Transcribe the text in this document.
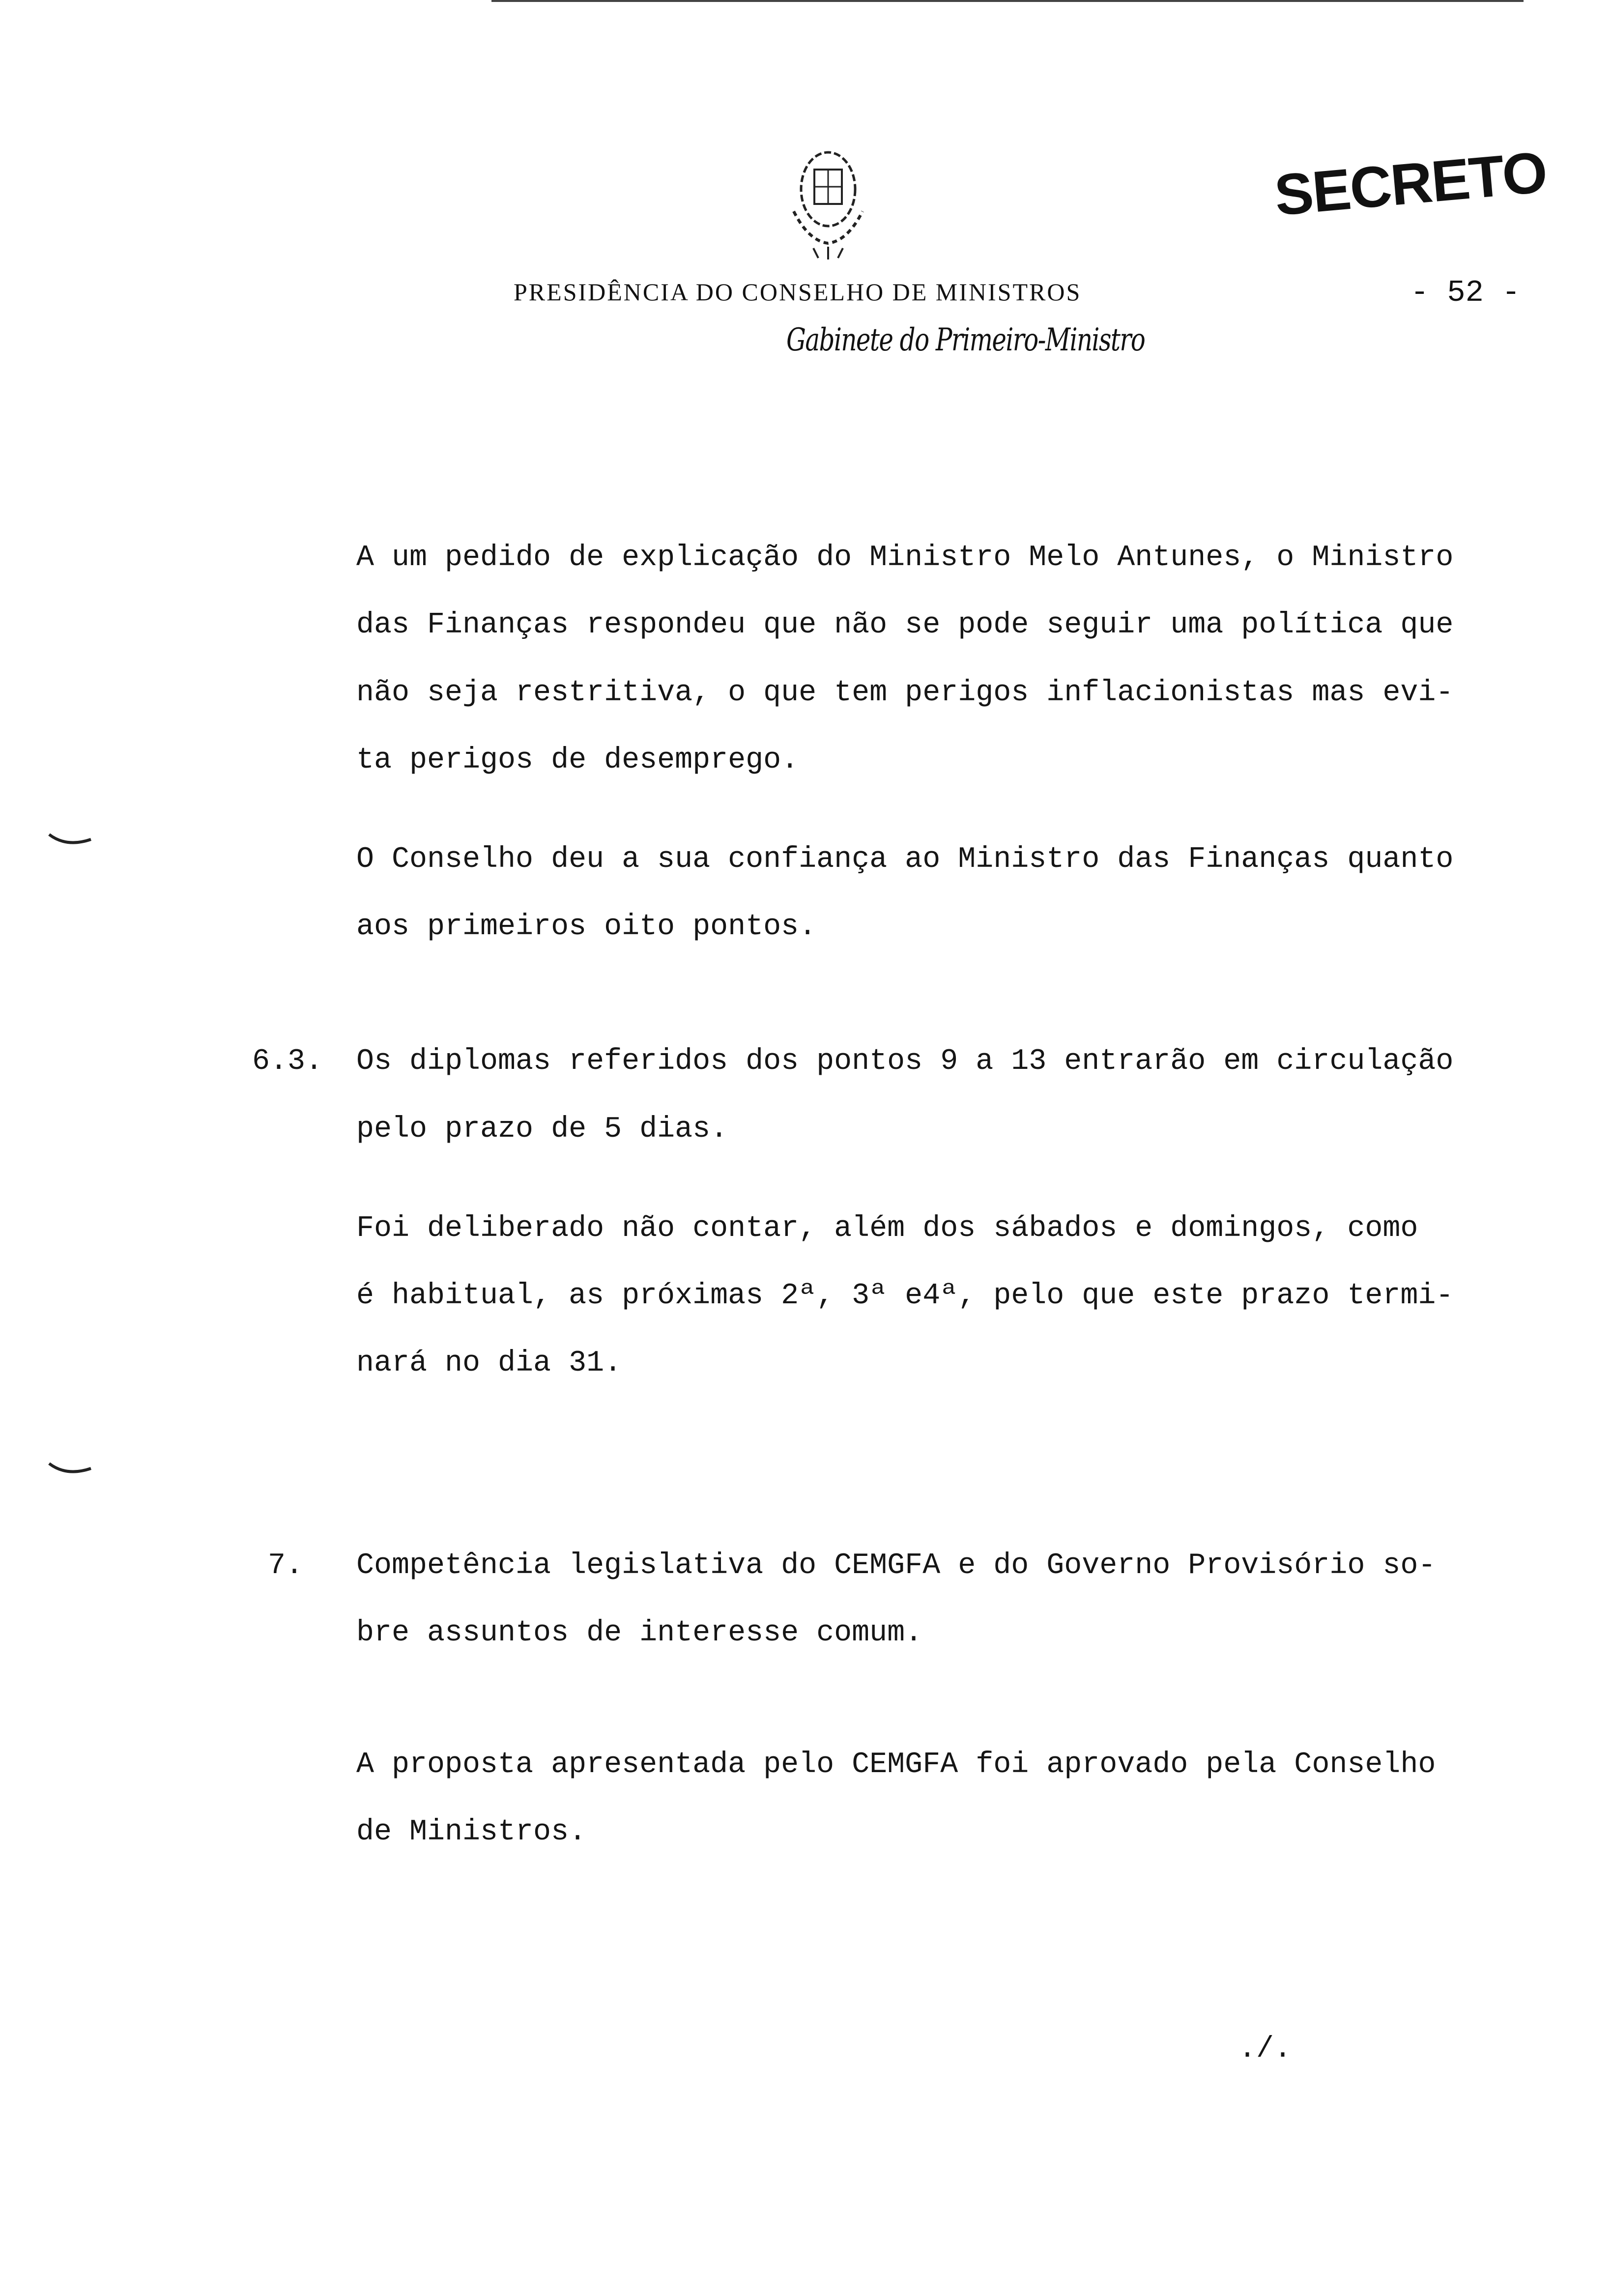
SECRETO
PRESIDÊNCIA DO CONSELHO DE MINISTROS	- 52 -
Gabinete do Primeiro-Ministro
A um pedido de explicação do Ministro Melo Antunes, o Ministro
das Finanças respondeu que não se pode seguir uma política que
não seja restritiva, o que tem perigos inflacionistas mas evi-
ta perigos de desemprego.
O Conselho deu a sua confiança ao Ministro das Finanças quanto
aos primeiros oito pontos.
6.3. Os diplomas referidos dos pontos 9 a 13 entrarão em circulação
pelo prazo de 5 dias.
Foi deliberado não contar, além dos sábados e domingos, como
é habitual, as próximas 2ª, 3ª e4ª, pelo que este prazo termi-
nará no dia 31.
7. Competência legislativa do CEMGFA e do Governo Provisório so-
bre assuntos de interesse comum.
A proposta apresentada pelo CEMGFA foi aprovado pela Conselho
de Ministros.
./.
